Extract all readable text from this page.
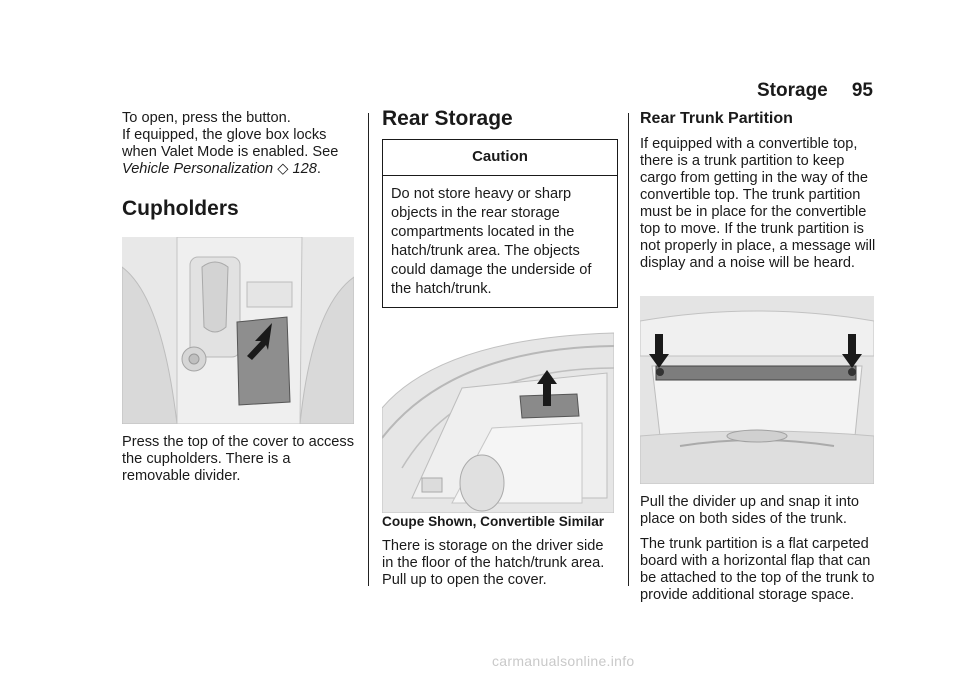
Storage 95

To open, press the button.

If equipped, the glove box locks when Valet Mode is enabled. See
Vehicle Personalization ◇ 128.

Cupholders

Press the top of the cover to access the cupholders. There is a removable divider.

Rear Storage
Caution
Do not store heavy or sharp objects in the rear storage compartments located in the hatch/trunk area. The objects could damage the underside of the hatch/trunk.

Coupe Shown, Convertible Similar

There is storage on the driver side in the floor of the hatch/trunk area. Pull up to open the cover.

Rear Trunk Partition

If equipped with a convertible top, there is a trunk partition to keep cargo from getting in the way of the convertible top. The trunk partition must be in place for the convertible top to move. If the trunk partition is not properly in place, a message will display and a noise will be heard.

Pull the divider up and snap it into place on both sides of the trunk.

The trunk partition is a flat carpeted board with a horizontal flap that can be attached to the top of the trunk to provide additional storage space.

carmanualsonline.info
